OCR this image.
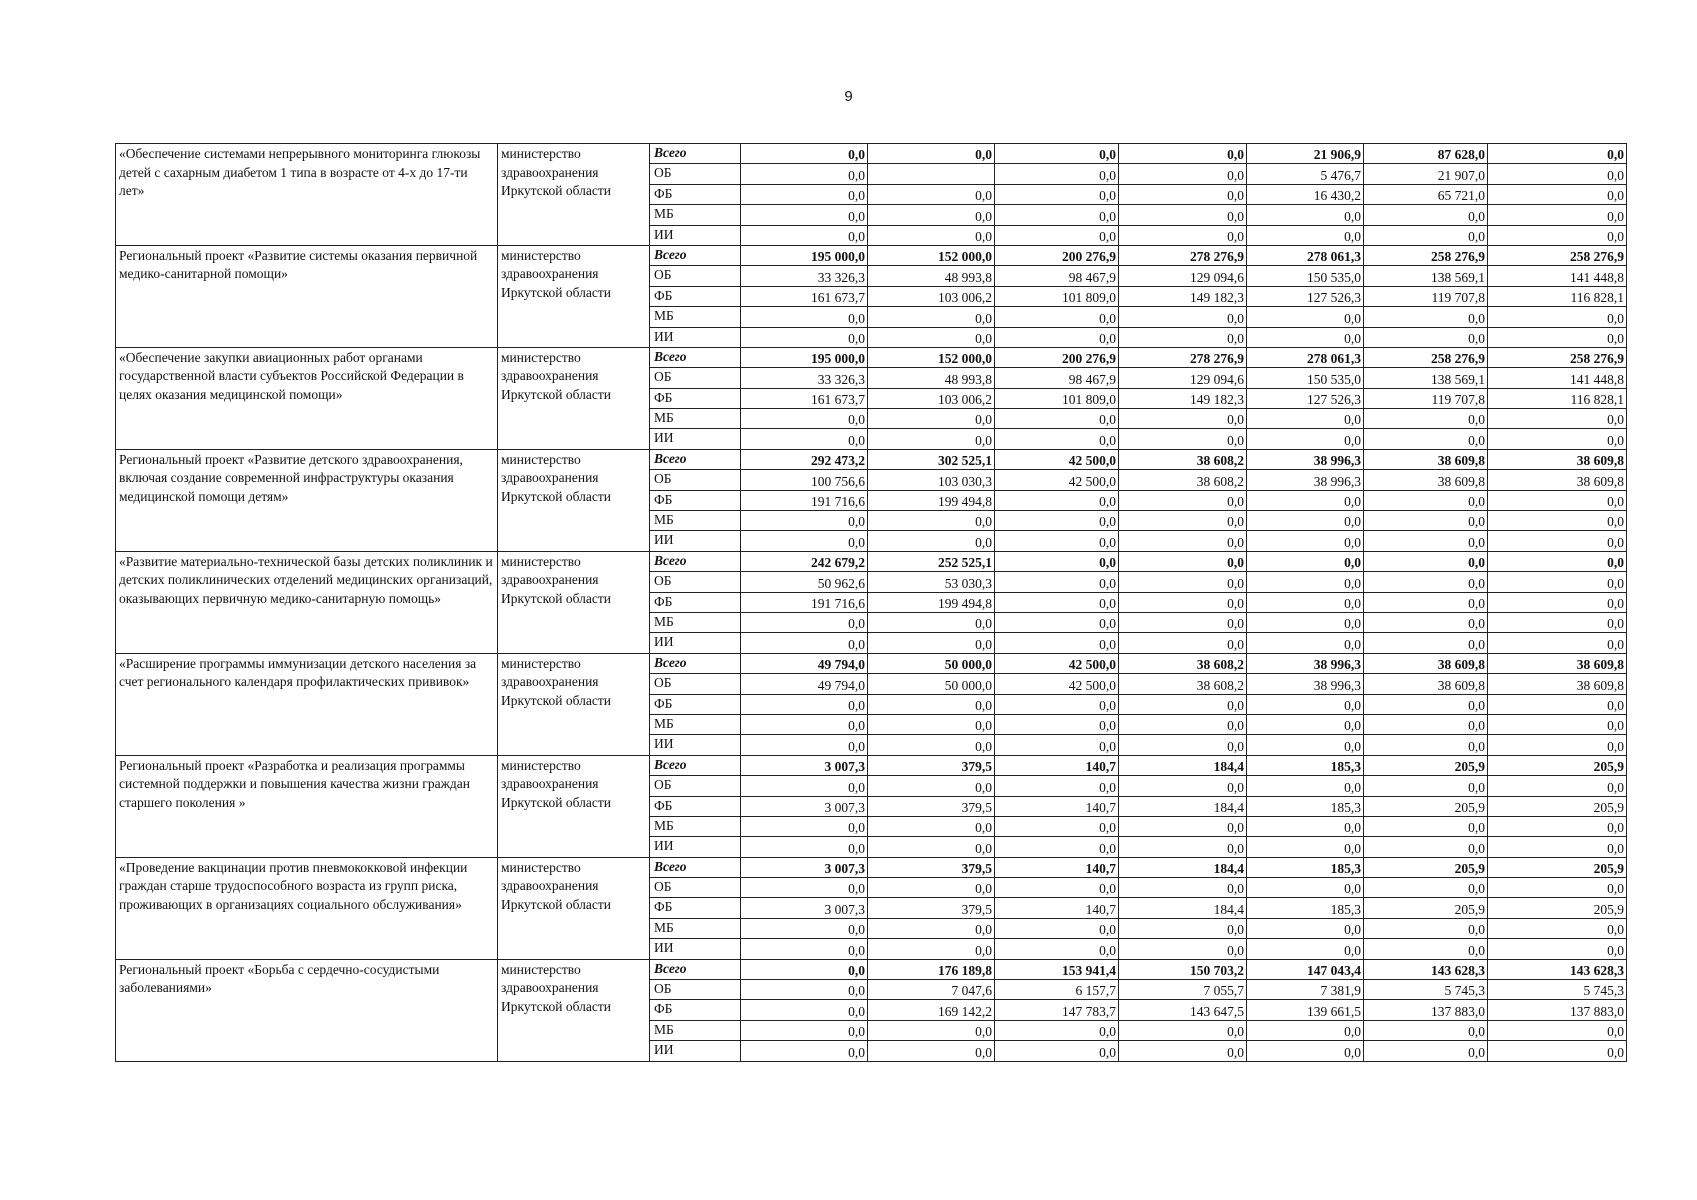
9
«Обеспечение системами непрерывного мониторинга глюкозы детей с сахарным диабетом 1 типа в возрасте от 4-х до 17-ти лет»	министерство здравоохранения Иркутской области	Всего	0,0	0,0	0,0	0,0	21 906,9	87 628,0	0,0
		ОБ	0,0		0,0	0,0	5 476,7	21 907,0	0,0
		ФБ	0,0	0,0	0,0	0,0	16 430,2	65 721,0	0,0
		МБ	0,0	0,0	0,0	0,0	0,0	0,0	0,0
		ИИ	0,0	0,0	0,0	0,0	0,0	0,0	0,0
Региональный проект «Развитие системы оказания первичной медико-санитарной помощи»	министерство здравоохранения Иркутской области	Всего	195 000,0	152 000,0	200 276,9	278 276,9	278 061,3	258 276,9	258 276,9
		ОБ	33 326,3	48 993,8	98 467,9	129 094,6	150 535,0	138 569,1	141 448,8
		ФБ	161 673,7	103 006,2	101 809,0	149 182,3	127 526,3	119 707,8	116 828,1
		МБ	0,0	0,0	0,0	0,0	0,0	0,0	0,0
		ИИ	0,0	0,0	0,0	0,0	0,0	0,0	0,0
«Обеспечение закупки авиационных работ органами государственной власти субъектов Российской Федерации в целях оказания медицинской помощи»	министерство здравоохранения Иркутской области	Всего	195 000,0	152 000,0	200 276,9	278 276,9	278 061,3	258 276,9	258 276,9
		ОБ	33 326,3	48 993,8	98 467,9	129 094,6	150 535,0	138 569,1	141 448,8
		ФБ	161 673,7	103 006,2	101 809,0	149 182,3	127 526,3	119 707,8	116 828,1
		МБ	0,0	0,0	0,0	0,0	0,0	0,0	0,0
		ИИ	0,0	0,0	0,0	0,0	0,0	0,0	0,0
Региональный проект «Развитие детского здравоохранения, включая создание современной инфраструктуры оказания медицинской помощи детям»	министерство здравоохранения Иркутской области	Всего	292 473,2	302 525,1	42 500,0	38 608,2	38 996,3	38 609,8	38 609,8
		ОБ	100 756,6	103 030,3	42 500,0	38 608,2	38 996,3	38 609,8	38 609,8
		ФБ	191 716,6	199 494,8	0,0	0,0	0,0	0,0	0,0
		МБ	0,0	0,0	0,0	0,0	0,0	0,0	0,0
		ИИ	0,0	0,0	0,0	0,0	0,0	0,0	0,0
«Развитие материально-технической базы детских поликлиник и детских поликлинических отделений медицинских организаций, оказывающих первичную медико-санитарную помощь»	министерство здравоохранения Иркутской области	Всего	242 679,2	252 525,1	0,0	0,0	0,0	0,0	0,0
		ОБ	50 962,6	53 030,3	0,0	0,0	0,0	0,0	0,0
		ФБ	191 716,6	199 494,8	0,0	0,0	0,0	0,0	0,0
		МБ	0,0	0,0	0,0	0,0	0,0	0,0	0,0
		ИИ	0,0	0,0	0,0	0,0	0,0	0,0	0,0
«Расширение программы иммунизации детского населения за счет регионального календаря профилактических прививок»	министерство здравоохранения Иркутской области	Всего	49 794,0	50 000,0	42 500,0	38 608,2	38 996,3	38 609,8	38 609,8
		ОБ	49 794,0	50 000,0	42 500,0	38 608,2	38 996,3	38 609,8	38 609,8
		ФБ	0,0	0,0	0,0	0,0	0,0	0,0	0,0
		МБ	0,0	0,0	0,0	0,0	0,0	0,0	0,0
		ИИ	0,0	0,0	0,0	0,0	0,0	0,0	0,0
Региональный проект «Разработка и реализация программы системной поддержки и повышения качества жизни граждан старшего поколения »	министерство здравоохранения Иркутской области	Всего	3 007,3	379,5	140,7	184,4	185,3	205,9	205,9
		ОБ	0,0	0,0	0,0	0,0	0,0	0,0	0,0
		ФБ	3 007,3	379,5	140,7	184,4	185,3	205,9	205,9
		МБ	0,0	0,0	0,0	0,0	0,0	0,0	0,0
		ИИ	0,0	0,0	0,0	0,0	0,0	0,0	0,0
«Проведение вакцинации против пневмококковой инфекции граждан старше трудоспособного возраста из групп риска, проживающих в организациях социального обслуживания»	министерство здравоохранения Иркутской области	Всего	3 007,3	379,5	140,7	184,4	185,3	205,9	205,9
		ОБ	0,0	0,0	0,0	0,0	0,0	0,0	0,0
		ФБ	3 007,3	379,5	140,7	184,4	185,3	205,9	205,9
		МБ	0,0	0,0	0,0	0,0	0,0	0,0	0,0
		ИИ	0,0	0,0	0,0	0,0	0,0	0,0	0,0
Региональный проект «Борьба с сердечно-сосудистыми заболеваниями»	министерство здравоохранения Иркутской области	Всего	0,0	176 189,8	153 941,4	150 703,2	147 043,4	143 628,3	143 628,3
		ОБ	0,0	7 047,6	6 157,7	7 055,7	7 381,9	5 745,3	5 745,3
		ФБ	0,0	169 142,2	147 783,7	143 647,5	139 661,5	137 883,0	137 883,0
		МБ	0,0	0,0	0,0	0,0	0,0	0,0	0,0
		ИИ	0,0	0,0	0,0	0,0	0,0	0,0	0,0
